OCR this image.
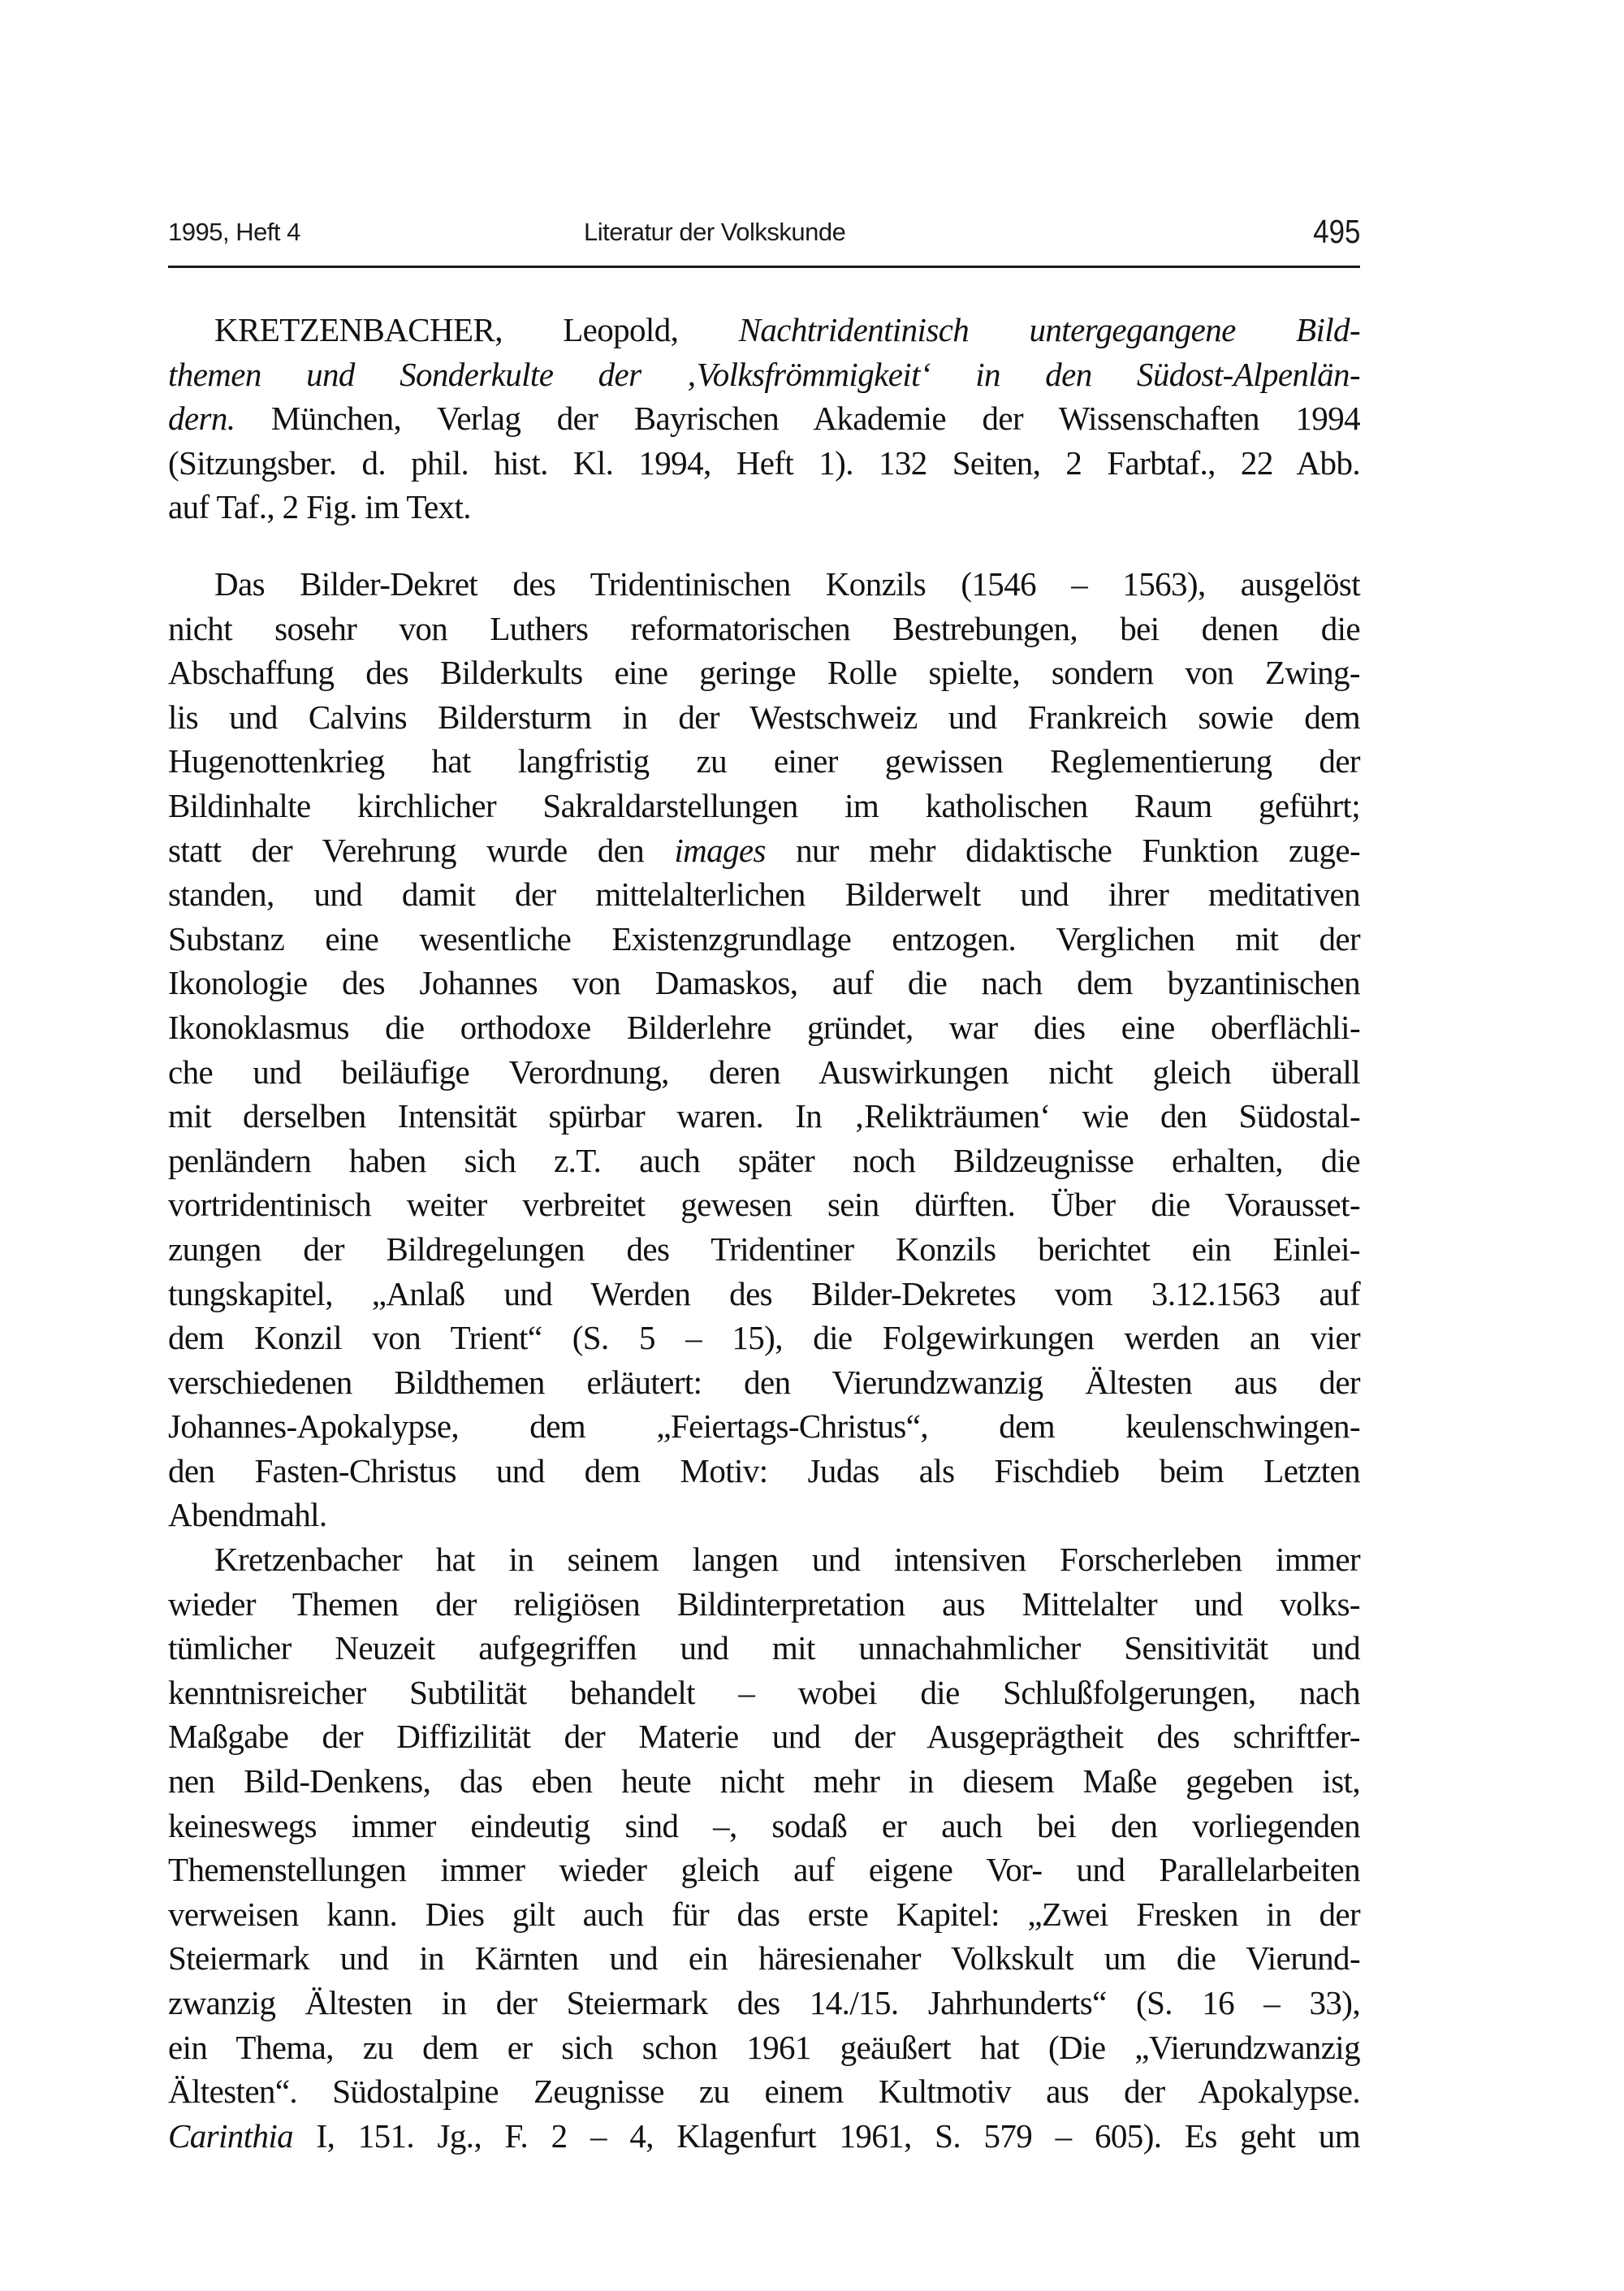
1995, Heft 4	Literatur der Volkskunde	495
KRETZENBACHER, Leopold, Nachtridentinisch untergegangene Bild-
themen und Sonderkulte der ‚Volksfrömmigkeit‘ in den Südost-Alpenlän-
dern. München, Verlag der Bayrischen Akademie der Wissenschaften 1994
(Sitzungsber. d. phil. hist. Kl. 1994, Heft 1). 132 Seiten, 2 Farbtaf., 22 Abb.
auf Taf., 2 Fig. im Text.
Das Bilder-Dekret des Tridentinischen Konzils (1546 – 1563), ausgelöst
nicht sosehr von Luthers reformatorischen Bestrebungen, bei denen die
Abschaffung des Bilderkults eine geringe Rolle spielte, sondern von Zwing-
lis und Calvins Bildersturm in der Westschweiz und Frankreich sowie dem
Hugenottenkrieg hat langfristig zu einer gewissen Reglementierung der
Bildinhalte kirchlicher Sakraldarstellungen im katholischen Raum geführt;
statt der Verehrung wurde den images nur mehr didaktische Funktion zuge-
standen, und damit der mittelalterlichen Bilderwelt und ihrer meditativen
Substanz eine wesentliche Existenzgrundlage entzogen. Verglichen mit der
Ikonologie des Johannes von Damaskos, auf die nach dem byzantinischen
Ikonoklasmus die orthodoxe Bilderlehre gründet, war dies eine oberflächli-
che und beiläufige Verordnung, deren Auswirkungen nicht gleich überall
mit derselben Intensität spürbar waren. In ‚Relikträumen‘ wie den Südostal-
penländern haben sich z.T. auch später noch Bildzeugnisse erhalten, die
vortridentinisch weiter verbreitet gewesen sein dürften. Über die Vorausset-
zungen der Bildregelungen des Tridentiner Konzils berichtet ein Einlei-
tungskapitel, „Anlaß und Werden des Bilder-Dekretes vom 3.12.1563 auf
dem Konzil von Trient“ (S. 5 – 15), die Folgewirkungen werden an vier
verschiedenen Bildthemen erläutert: den Vierundzwanzig Ältesten aus der
Johannes-Apokalypse, dem „Feiertags-Christus“, dem keulenschwingen-
den Fasten-Christus und dem Motiv: Judas als Fischdieb beim Letzten
Abendmahl.
Kretzenbacher hat in seinem langen und intensiven Forscherleben immer
wieder Themen der religiösen Bildinterpretation aus Mittelalter und volks-
tümlicher Neuzeit aufgegriffen und mit unnachahmlicher Sensitivität und
kenntnisreicher Subtilität behandelt – wobei die Schlußfolgerungen, nach
Maßgabe der Diffizilität der Materie und der Ausgeprägtheit des schriftfer-
nen Bild-Denkens, das eben heute nicht mehr in diesem Maße gegeben ist,
keineswegs immer eindeutig sind –, sodaß er auch bei den vorliegenden
Themenstellungen immer wieder gleich auf eigene Vor- und Parallelarbeiten
verweisen kann. Dies gilt auch für das erste Kapitel: „Zwei Fresken in der
Steiermark und in Kärnten und ein häresienaher Volkskult um die Vierund-
zwanzig Ältesten in der Steiermark des 14./15. Jahrhunderts“ (S. 16 – 33),
ein Thema, zu dem er sich schon 1961 geäußert hat (Die „Vierundzwanzig
Ältesten“. Südostalpine Zeugnisse zu einem Kultmotiv aus der Apokalypse.
Carinthia I, 151. Jg., F. 2 – 4, Klagenfurt 1961, S. 579 – 605). Es geht um
